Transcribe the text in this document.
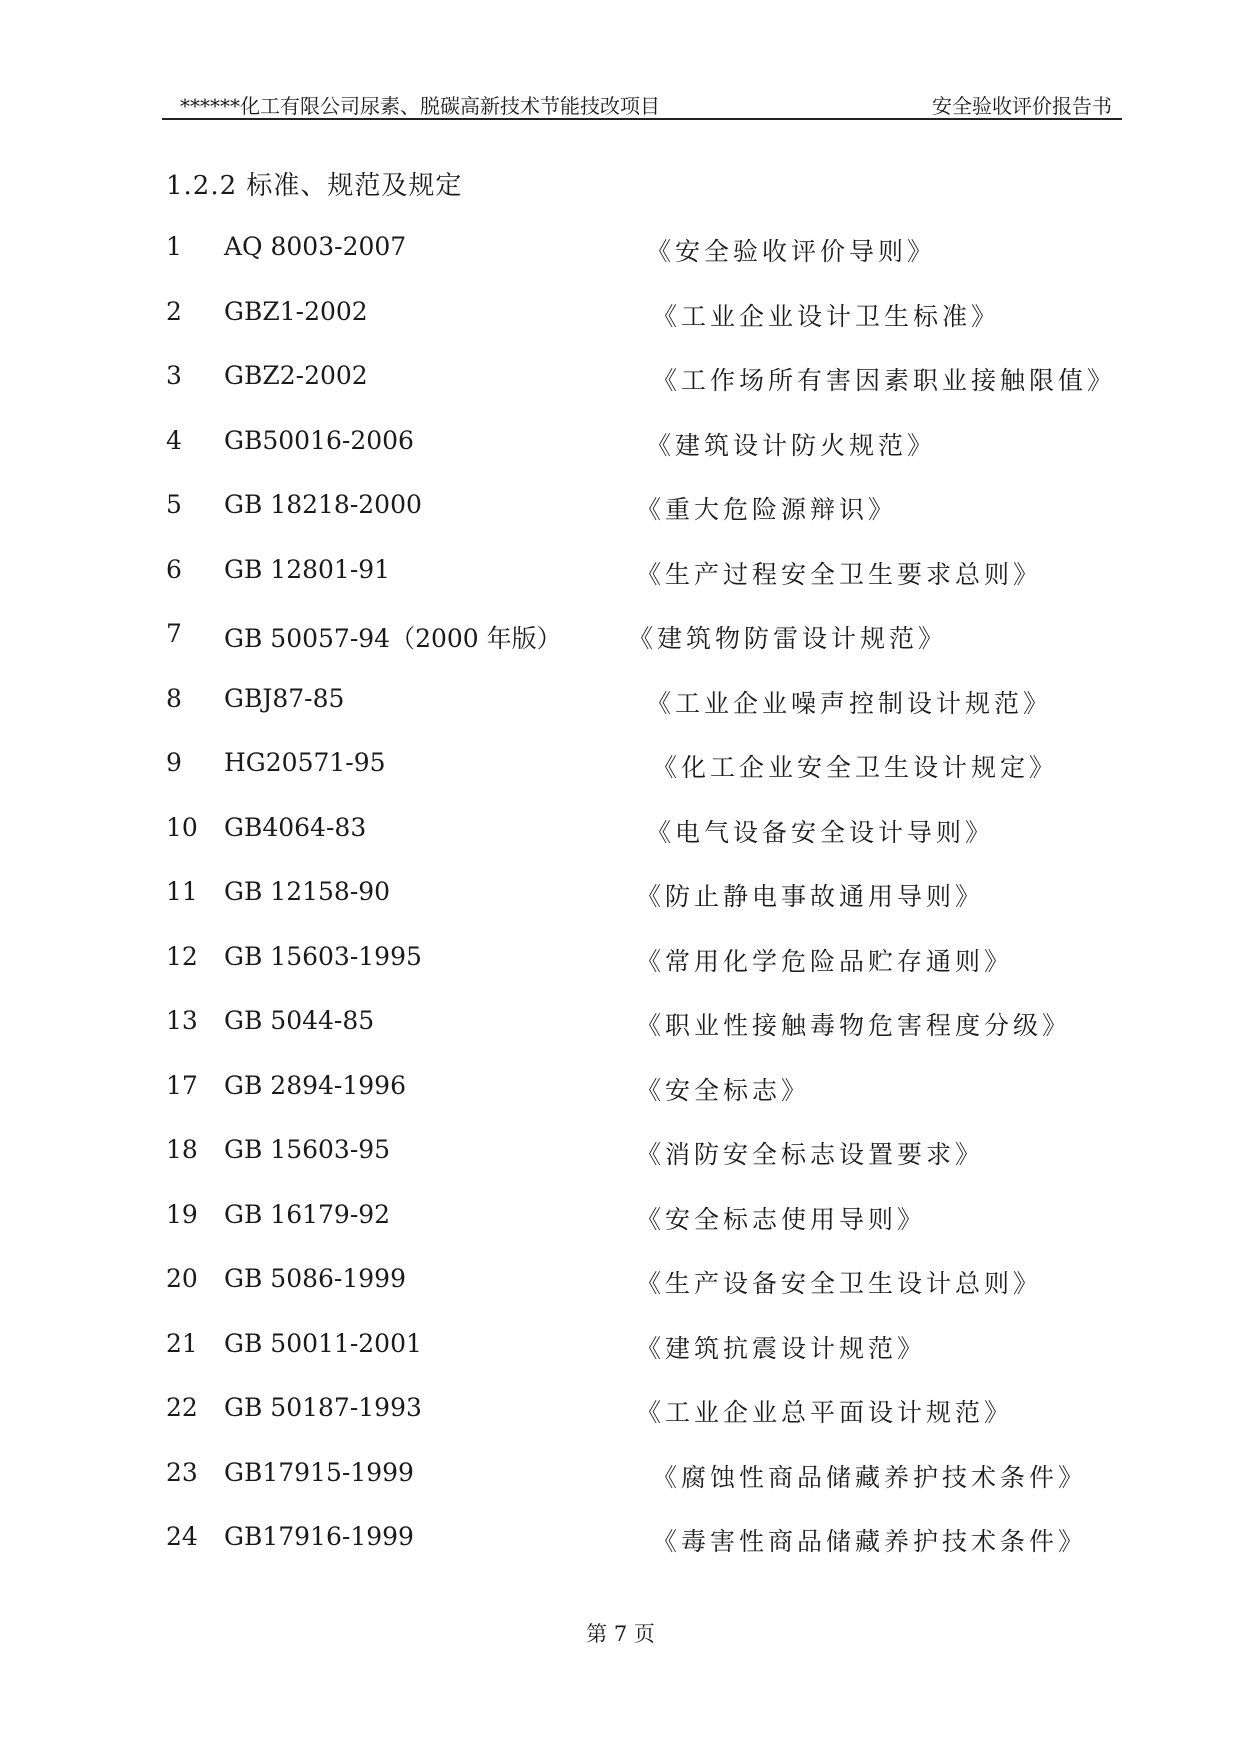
******化工有限公司尿素、脱碳高新技术节能技改项目	安全验收评价报告书
1.2.2 标准、规范及规定
1 AQ 8003-2007	《安全验收评价导则》
2 GBZ1-2002	《工业企业设计卫生标准》
3 GBZ2-2002	《工作场所有害因素职业接触限值》
4 GB50016-2006	《建筑设计防火规范》
5 GB 18218-2000	《重大危险源辩识》
6 GB 12801-91	《生产过程安全卫生要求总则》
7 GB 50057-94（2000 年版）	《建筑物防雷设计规范》
8 GBJ87-85	《工业企业噪声控制设计规范》
9 HG20571-95	《化工企业安全卫生设计规定》
10 GB4064-83	《电气设备安全设计导则》
11 GB 12158-90	《防止静电事故通用导则》
12 GB 15603-1995	《常用化学危险品贮存通则》
13 GB 5044-85	《职业性接触毒物危害程度分级》
17 GB 2894-1996	《安全标志》
18 GB 15603-95	《消防安全标志设置要求》
19 GB 16179-92	《安全标志使用导则》
20 GB 5086-1999	《生产设备安全卫生设计总则》
21 GB 50011-2001	《建筑抗震设计规范》
22 GB 50187-1993	《工业企业总平面设计规范》
23 GB17915-1999	《腐蚀性商品储藏养护技术条件》
24 GB17916-1999	《毒害性商品储藏养护技术条件》
第 7 页
